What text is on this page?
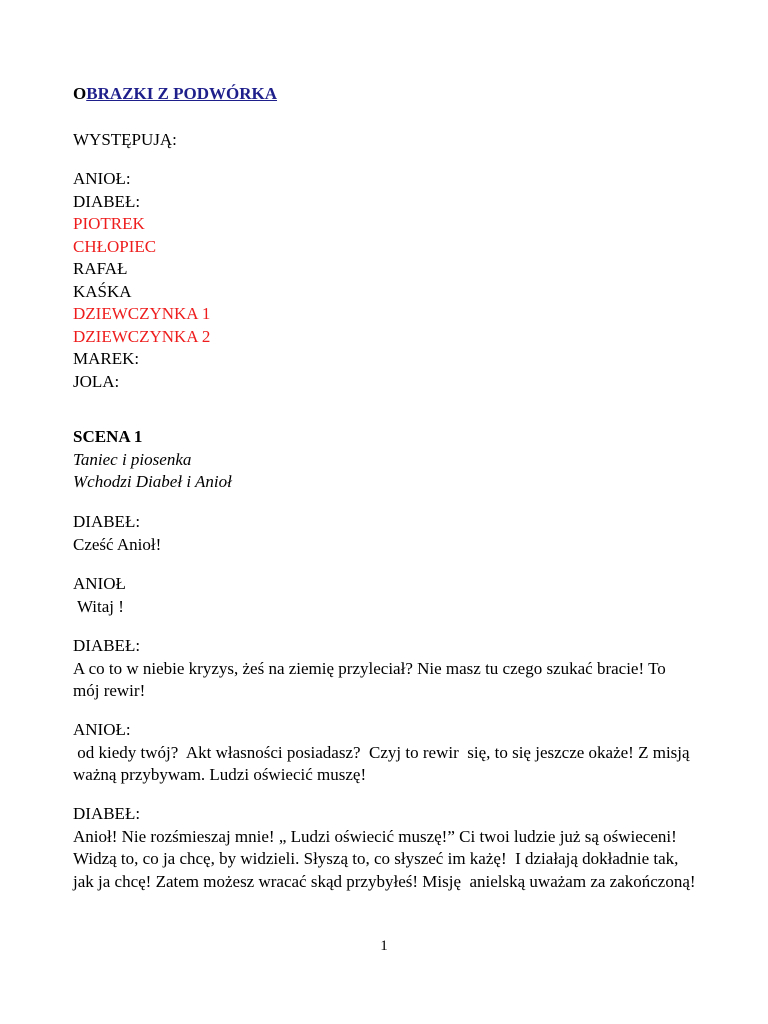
OBRAZKI Z PODWÓRKA
WYSTĘPUJĄ:
ANIOŁ:
DIABEŁ:
PIOTREK
CHŁOPIEC
RAFAŁ
KAŚKA
DZIEWCZYNKA 1
DZIEWCZYNKA 2
MAREK:
JOLA:
SCENA 1
Taniec i piosenka
Wchodzi Diabeł i Anioł
DIABEŁ:
Cześć Anioł!
ANIOŁ
Witaj !
DIABEŁ:
A co to w niebie kryzys, żeś na ziemię przyleciał? Nie masz tu czego szukać bracie! To mój rewir!
ANIOŁ:
od kiedy twój?  Akt własności posiadasz?  Czyj to rewir  się, to się jeszcze okaże! Z misją ważną przybywam. Ludzi oświecić muszę!
DIABEŁ:
Anioł! Nie rozśmieszaj mnie! „ Ludzi oświecić muszę!” Ci twoi ludzie już są oświeceni! Widzą to, co ja chcę, by widzieli. Słyszą to, co słyszeć im każę!  I działają dokładnie tak, jak ja chcę! Zatem możesz wracać skąd przybyłeś! Misję  anielską uważam za zakończoną!
1
